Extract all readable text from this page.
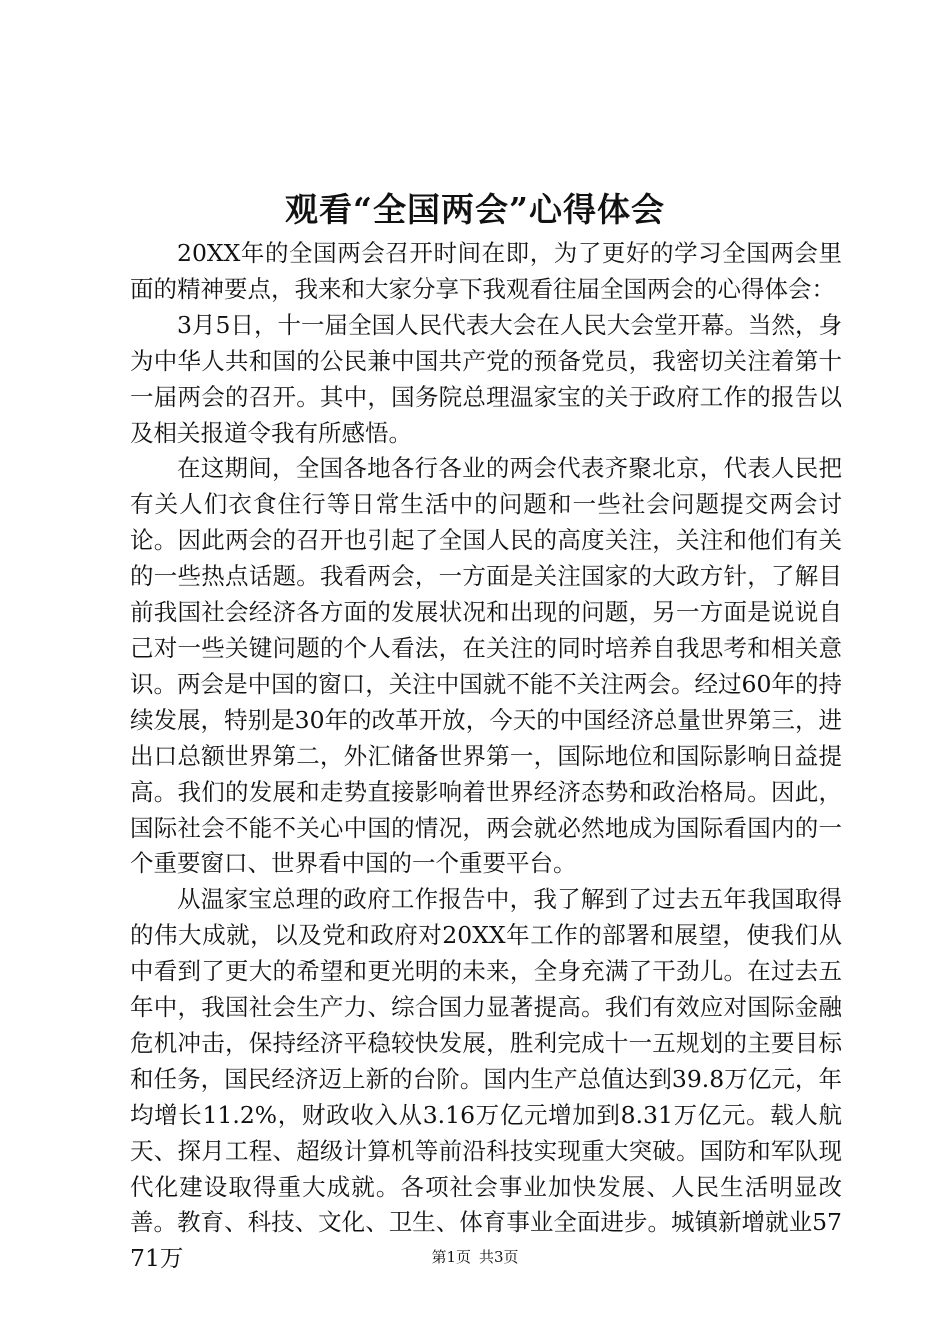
观看“全国两会”心得体会

20XX年的全国两会召开时间在即，为了更好的学习全国两会里面的精神要点，我来和大家分享下我观看往届全国两会的心得体会：

3月5日，十一届全国人民代表大会在人民大会堂开幕。当然，身为中华人共和国的公民兼中国共产党的预备党员，我密切关注着第十一届两会的召开。其中，国务院总理温家宝的关于政府工作的报告以及相关报道令我有所感悟。

在这期间，全国各地各行各业的两会代表齐聚北京，代表人民把有关人们衣食住行等日常生活中的问题和一些社会问题提交两会讨论。因此两会的召开也引起了全国人民的高度关注，关注和他们有关的一些热点话题。我看两会，一方面是关注国家的大政方针，了解目前我国社会经济各方面的发展状况和出现的问题，另一方面是说说自己对一些关键问题的个人看法，在关注的同时培养自我思考和相关意识。两会是中国的窗口，关注中国就不能不关注两会。经过60年的持续发展，特别是30年的改革开放，今天的中国经济总量世界第三，进出口总额世界第二，外汇储备世界第一，国际地位和国际影响日益提高。我们的发展和走势直接影响着世界经济态势和政治格局。因此，国际社会不能不关心中国的情况，两会就必然地成为国际看国内的一个重要窗口、世界看中国的一个重要平台。

从温家宝总理的政府工作报告中，我了解到了过去五年我国取得的伟大成就，以及党和政府对20XX年工作的部署和展望，使我们从中看到了更大的希望和更光明的未来，全身充满了干劲儿。在过去五年中，我国社会生产力、综合国力显著提高。我们有效应对国际金融危机冲击，保持经济平稳较快发展，胜利完成十一五规划的主要目标和任务，国民经济迈上新的台阶。国内生产总值达到39.8万亿元，年均增长11.2%，财政收入从3.16万亿元增加到8.31万亿元。载人航天、探月工程、超级计算机等前沿科技实现重大突破。国防和军队现代化建设取得重大成就。各项社会事业加快发展、人民生活明显改善。教育、科技、文化、卫生、体育事业全面进步。城镇新增就业5771万	第1页 共3页
